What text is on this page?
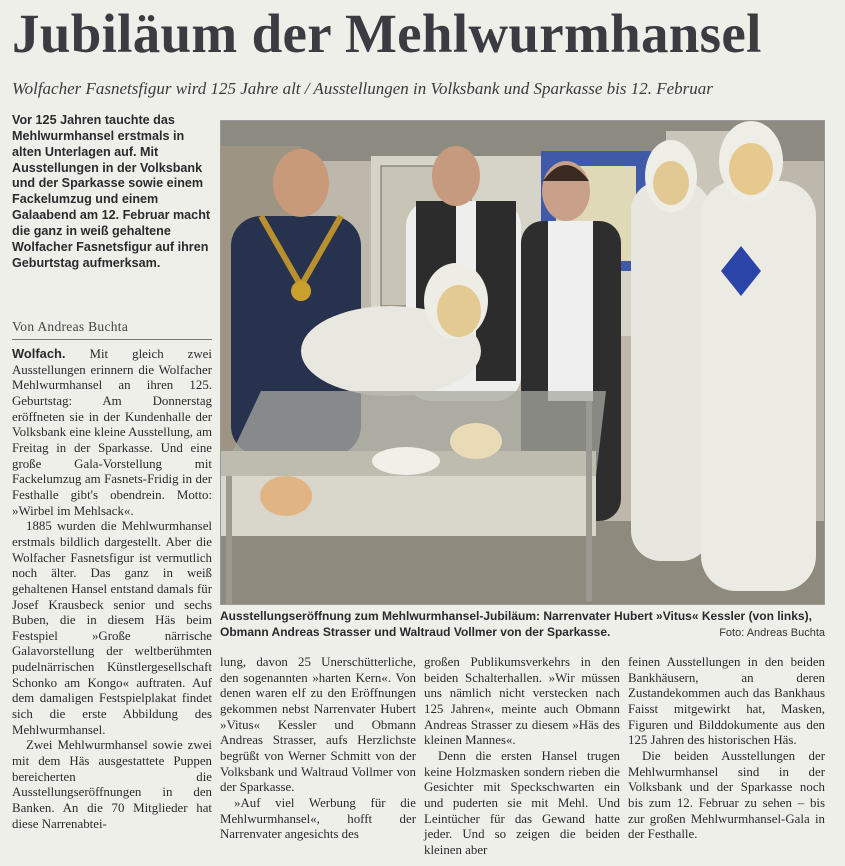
Jubiläum der Mehlwurmhansel
Wolfacher Fasnetsfigur wird 125 Jahre alt / Ausstellungen in Volksbank und Sparkasse bis 12. Februar
Vor 125 Jahren tauchte das Mehlwurmhansel erstmals in alten Unterlagen auf. Mit Ausstellungen in der Volksbank und der Sparkasse sowie einem Fackelumzug und einem Galaabend am 12. Februar macht die ganz in weiß gehaltene Wolfacher Fasnetsfigur auf ihren Geburtstag aufmerksam.
Von Andreas Buchta

Wolfach. Mit gleich zwei Ausstellungen erinnern die Wolfacher Mehlwurmhansel an ihren 125. Geburtstag: Am Donnerstag eröffneten sie in der Kundenhalle der Volksbank eine kleine Ausstellung, am Freitag in der Sparkasse. Und eine große Gala-Vorstellung mit Fackelumzug am Fasnets-Fridig in der Festhalle gibt's obendrein. Motto: »Wirbel im Mehlsack«.

1885 wurden die Mehlwurmhansel erstmals bildlich dargestellt. Aber die Wolfacher Fasnetsfigur ist vermutlich noch älter. Das ganz in weiß gehaltenen Hansel entstand damals für Josef Krausbeck senior und sechs Buben, die in diesem Häs beim Festspiel »Große närrische Galavorstellung der weltberühmten pudelnärrischen Künstlergesellschaft Schonko am Kongo« auftraten. Auf dem damaligen Festspielplakat findet sich die erste Abbildung des Mehlwurmhansel.

Zwei Mehlwurmhansel sowie zwei mit dem Häs ausgestattete Puppen bereicherten die Ausstellungseröffnungen in den Banken. An die 70 Mitglieder hat diese Narrenabtei-

Ausstellungseröffnung zum Mehlwurmhansel-Jubiläum: Narrenvater Hubert »Vitus« Kessler (von links), Obmann Andreas Strasser und Waltraud Vollmer von der Sparkasse.	Foto: Andreas Buchta

lung, davon 25 Unerschütterliche, den sogenannten »harten Kern«. Von denen waren elf zu den Eröffnungen gekommen nebst Narrenvater Hubert »Vitus« Kessler und Obmann Andreas Strasser, aufs Herzlichste begrüßt von Werner Schmitt von der Volksbank und Waltraud Vollmer von der Sparkasse.

»Auf viel Werbung für die Mehlwurmhansel«, hofft der Narrenvater angesichts des

großen Publikumsverkehrs in den beiden Schalterhallen. »Wir müssen uns nämlich nicht verstecken nach 125 Jahren«, meinte auch Obmann Andreas Strasser zu diesem »Häs des kleinen Mannes«.

Denn die ersten Hansel trugen keine Holzmasken sondern rieben die Gesichter mit Speckschwarten ein und puderten sie mit Mehl. Und Leintücher für das Gewand hatte jeder. Und so zeigen die beiden kleinen aber

feinen Ausstellungen in den beiden Bankhäusern, an deren Zustandekommen auch das Bankhaus Faisst mitgewirkt hat, Masken, Figuren und Bilddokumente aus den 125 Jahren des historischen Häs.

Die beiden Ausstellungen der Mehlwurmhansel sind in der Volksbank und der Sparkasse noch bis zum 12. Februar zu sehen – bis zur großen Mehlwurmhansel-Gala in der Festhalle.
